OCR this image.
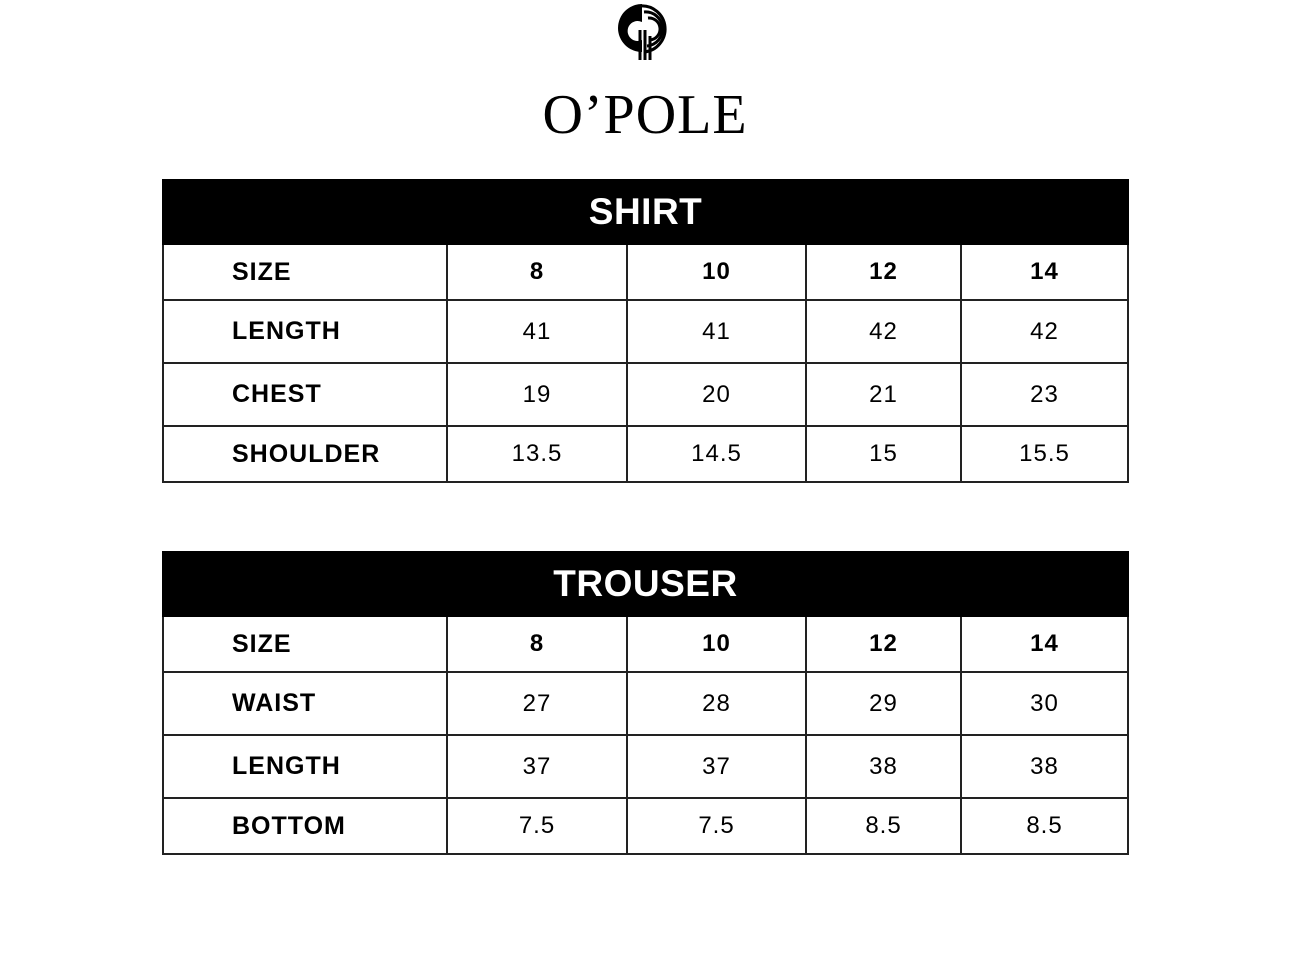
O’POLE
SHIRT				
SIZE	8	10	12	14
LENGTH	41	41	42	42
CHEST	19	20	21	23
SHOULDER	13.5	14.5	15	15.5
TROUSER				
SIZE	8	10	12	14
WAIST	27	28	29	30
LENGTH	37	37	38	38
BOTTOM	7.5	7.5	8.5	8.5
